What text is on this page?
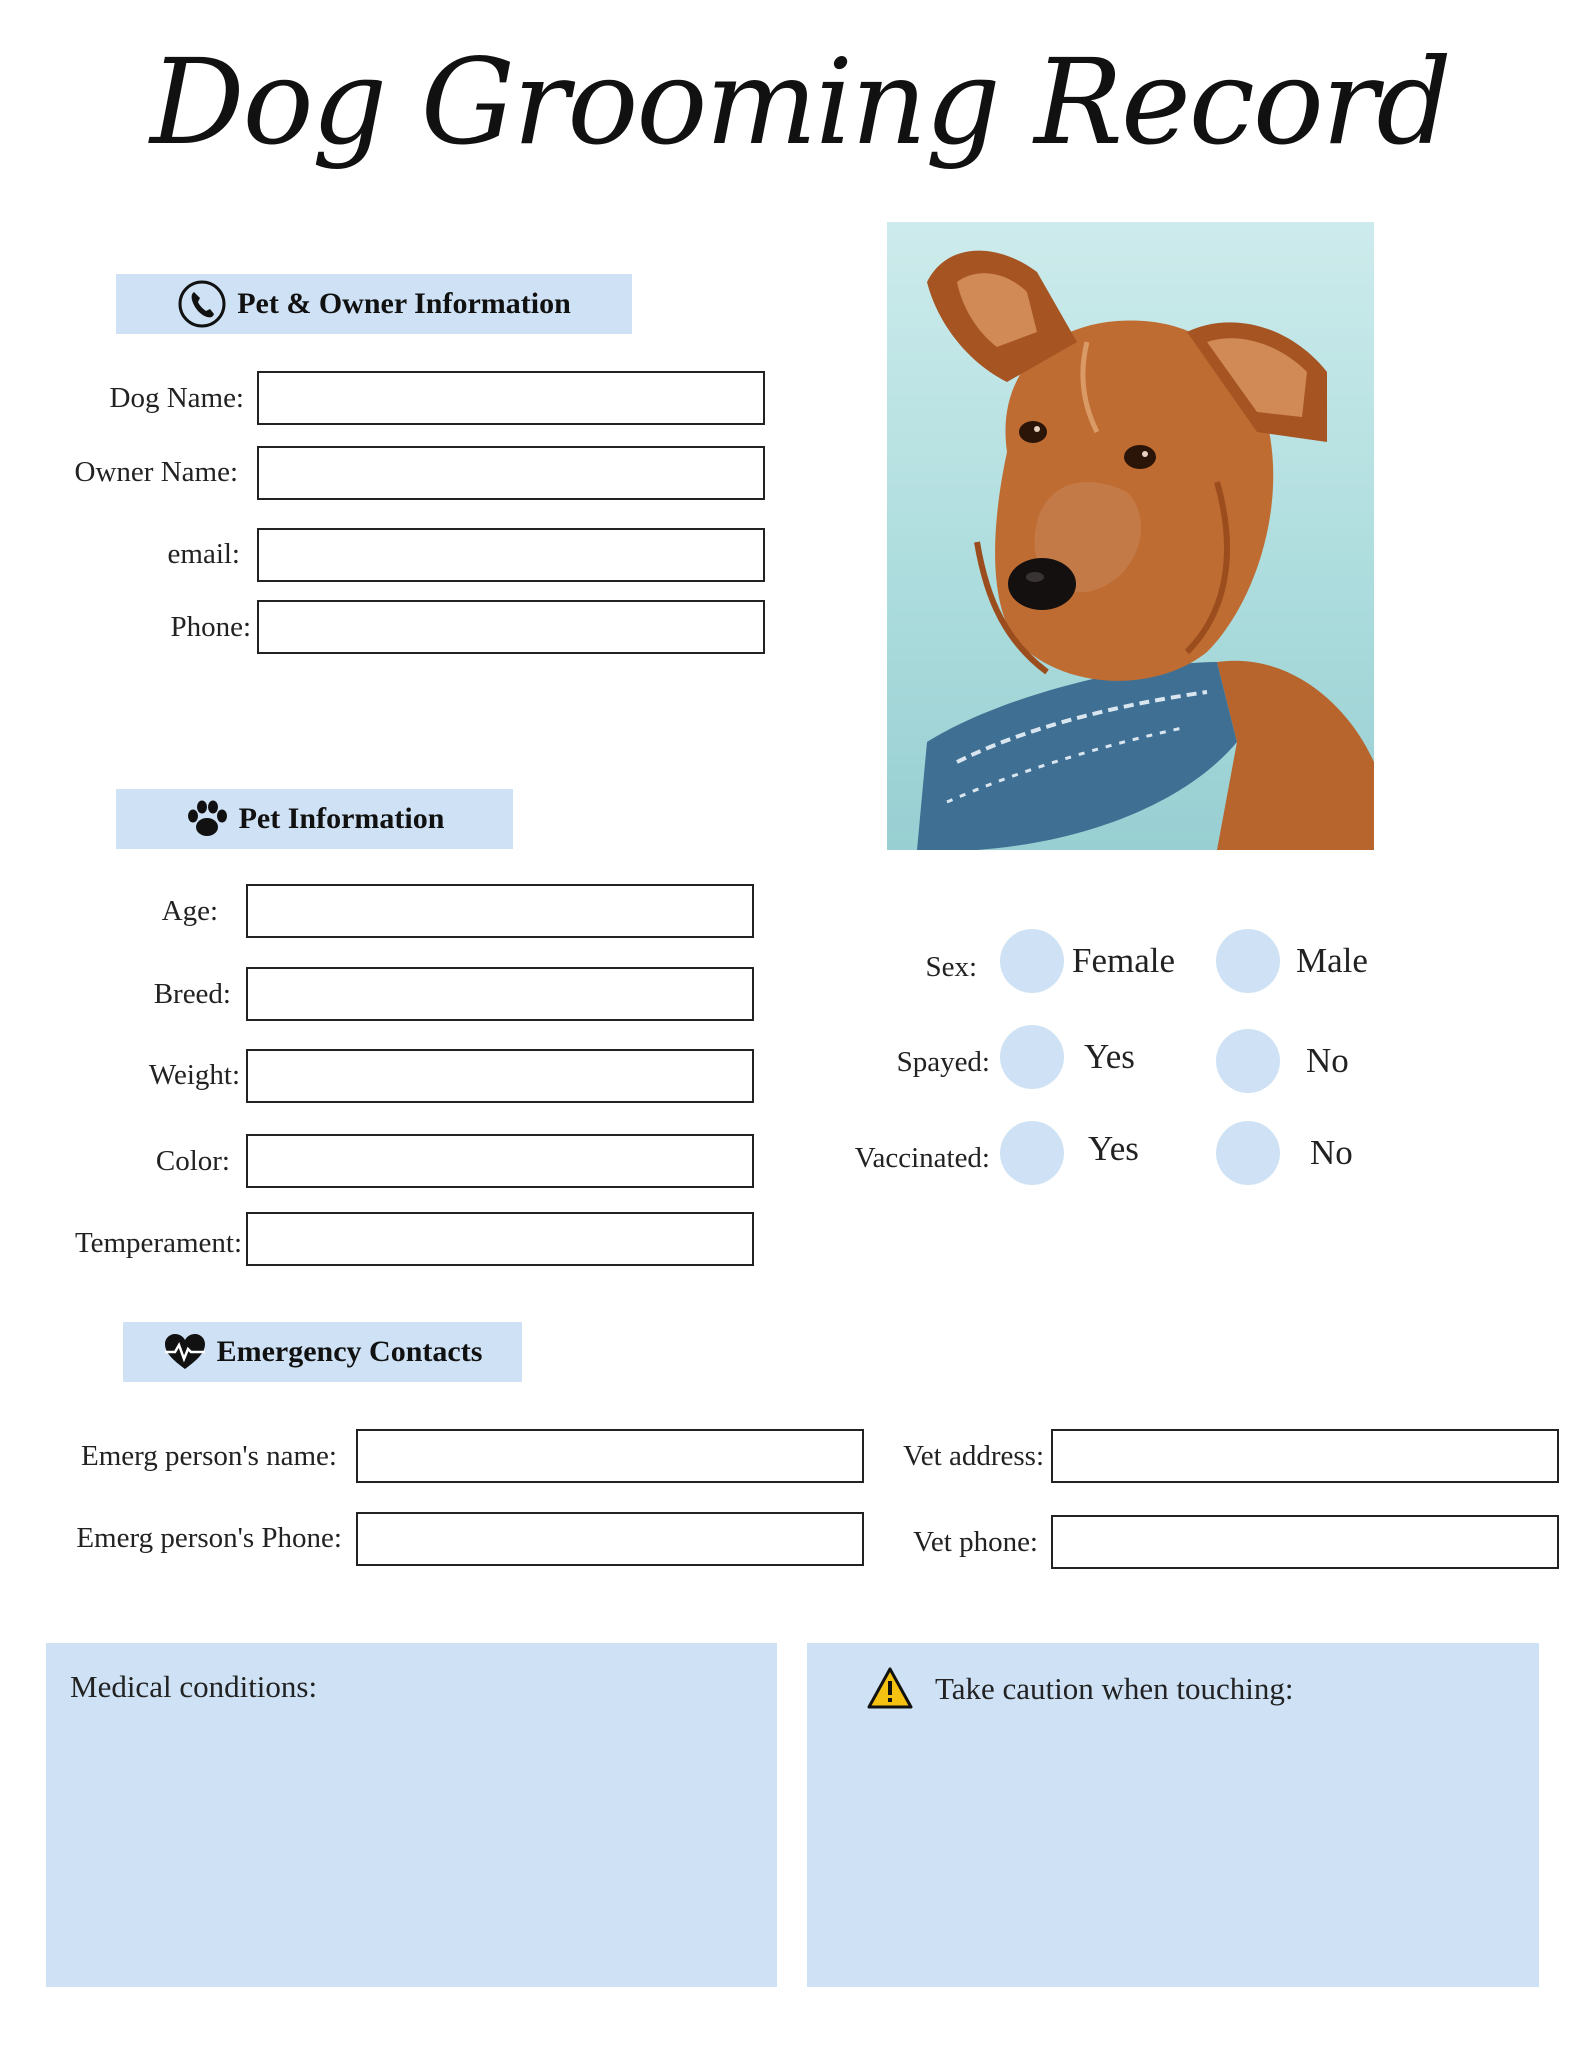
Dog Grooming Record
Pet & Owner Information
Dog Name:
Owner Name:
email:
Phone:
Pet Information
Age:
Breed:
Weight:
Color:
Temperament:
Sex:	Female	Male
Spayed:	Yes	No
Vaccinated:	Yes	No
Emergency Contacts
Emerg person's name:
Emerg person's Phone:
Vet address:
Vet phone:
Medical conditions:	Take caution when touching:
